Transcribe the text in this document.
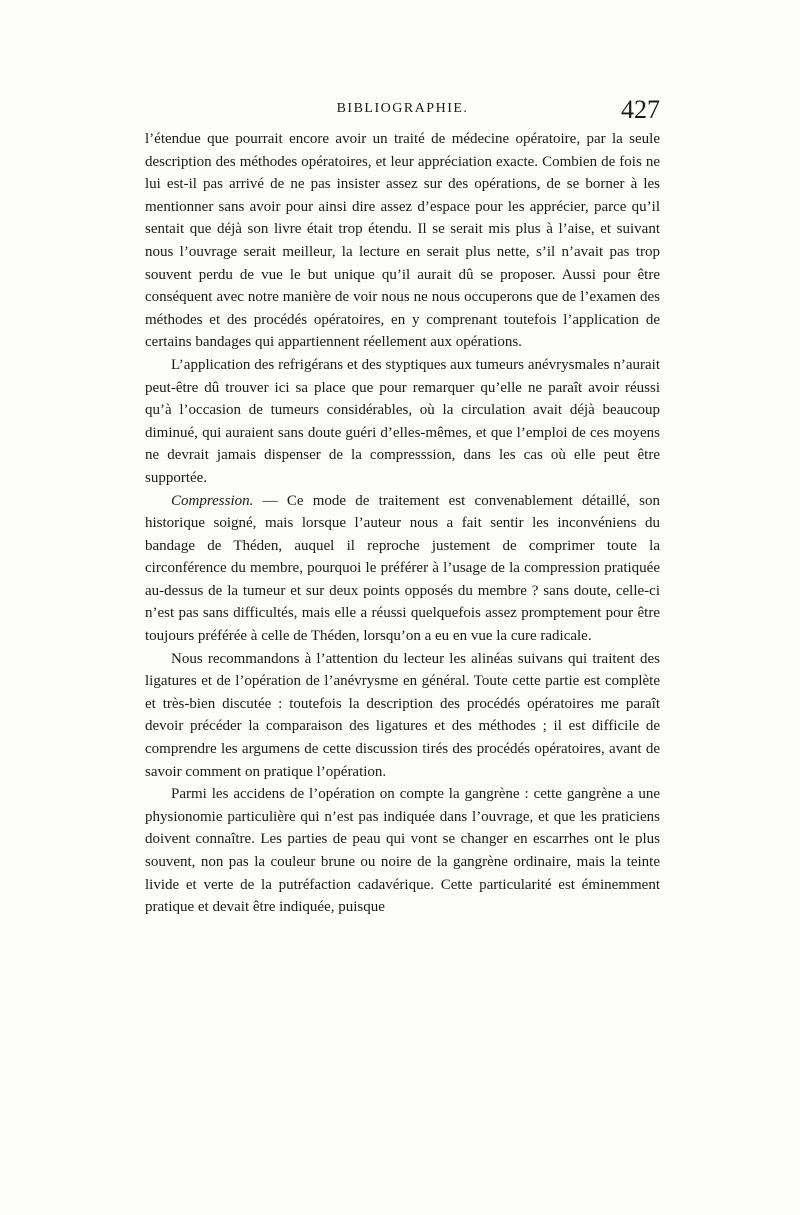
BIBLIOGRAPHIE.	427

l’étendue que pourrait encore avoir un traité de médecine opératoire, par la seule description des méthodes opératoires, et leur appréciation exacte. Combien de fois ne lui est-il pas arrivé de ne pas insister assez sur des opérations, de se borner à les mentionner sans avoir pour ainsi dire assez d’espace pour les apprécier, parce qu’il sentait que déjà son livre était trop étendu. Il se serait mis plus à l’aise, et suivant nous l’ouvrage serait meilleur, la lecture en serait plus nette, s’il n’avait pas trop souvent perdu de vue le but unique qu’il aurait dû se proposer. Aussi pour être conséquent avec notre manière de voir nous ne nous occuperons que de l’examen des méthodes et des procédés opératoires, en y comprenant toutefois l’application de certains bandages qui appartiennent réellement aux opérations.

L’application des refrigérans et des styptiques aux tumeurs anévrysmales n’aurait peut-être dû trouver ici sa place que pour remarquer qu’elle ne paraît avoir réussi qu’à l’occasion de tumeurs considérables, où la circulation avait déjà beaucoup diminué, qui auraient sans doute guéri d’elles-mêmes, et que l’emploi de ces moyens ne devrait jamais dispenser de la compresssion, dans les cas où elle peut être supportée.

Compression. — Ce mode de traitement est convenablement détaillé, son historique soigné, mais lorsque l’auteur nous a fait sentir les inconvéniens du bandage de Théden, auquel il reproche justement de comprimer toute la circonférence du membre, pourquoi le préférer à l’usage de la compression pratiquée au-dessus de la tumeur et sur deux points opposés du membre ? sans doute, celle-ci n’est pas sans difficultés, mais elle a réussi quelquefois assez promptement pour être toujours préférée à celle de Théden, lorsqu’on a eu en vue la cure radicale.

Nous recommandons à l’attention du lecteur les alinéas suivans qui traitent des ligatures et de l’opération de l’anévrysme en général. Toute cette partie est complète et très-bien discutée : toutefois la description des procédés opératoires me paraît devoir précéder la comparaison des ligatures et des méthodes ; il est difficile de comprendre les argumens de cette discussion tirés des procédés opératoires, avant de savoir comment on pratique l’opération.

Parmi les accidens de l’opération on compte la gangrène : cette gangrène a une physionomie particulière qui n’est pas indiquée dans l’ouvrage, et que les praticiens doivent connaître. Les parties de peau qui vont se changer en escarrhes ont le plus souvent, non pas la couleur brune ou noire de la gangrène ordinaire, mais la teinte livide et verte de la putréfaction cadavérique. Cette particularité est éminemment pratique et devait être indiquée, puisque
